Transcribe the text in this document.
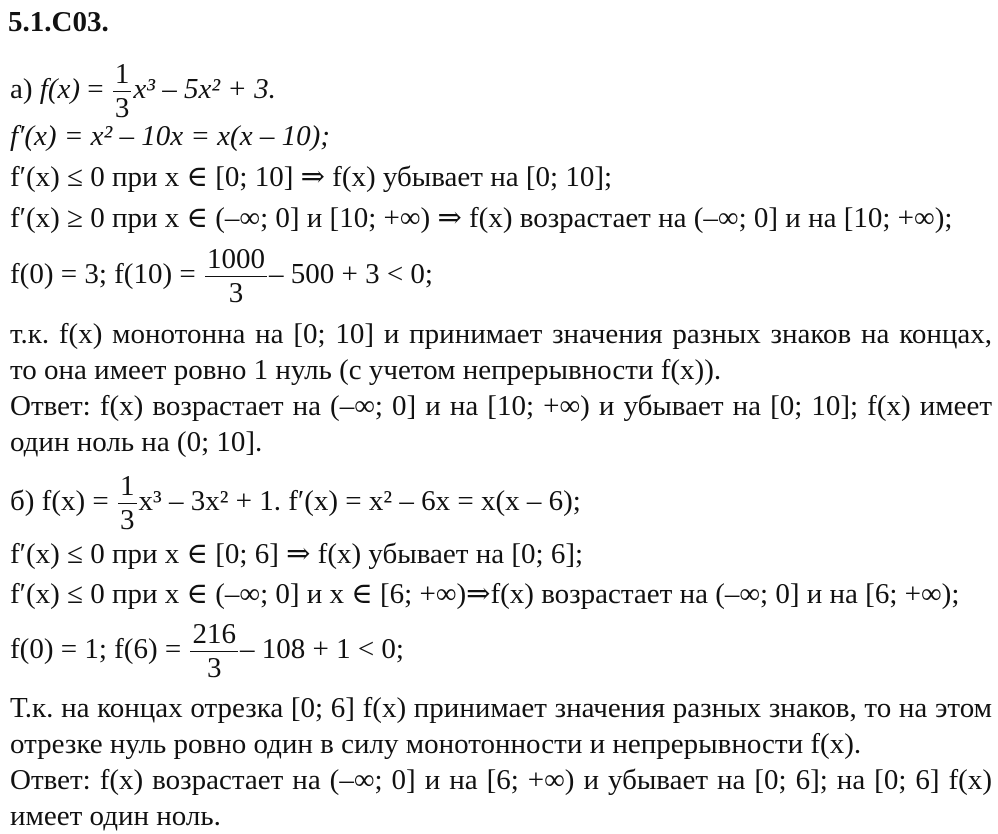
5.1.C03.
а) $f(x) = \frac{1}{3} x^3 - 5x^2 + 3$.
f′(x) = x² – 10x = x(x – 10);
f′(x) ≤ 0 при x ∈ [0; 10] ⇒ f(x) убывает на [0; 10];
f′(x) ≥ 0 при x ∈ (–∞; 0] и [10; +∞) ⇒ f(x) возрастает на (–∞; 0] и на [10; +∞);
f(0) = 3; $f(10) = \frac{1000}{3} - 500 + 3 < 0$;
т.к. f(x) монотонна на [0; 10] и принимает значения разных знаков на концах, то она имеет ровно 1 нуль (с учетом непрерывности f(x)).
Ответ: f(x) возрастает на (–∞; 0] и на [10; +∞) и убывает на [0; 10]; f(x) имеет один ноль на (0; 10].
б) $f(x) = \frac{1}{3} x^3 - 3x^2 + 1$. f′(x) = x² – 6x = x(x – 6);
f′(x) ≤ 0 при x ∈ [0; 6] ⇒ f(x) убывает на [0; 6];
f′(x) ≤ 0 при x ∈ (–∞; 0] и x ∈ [6; +∞)⇒f(x) возрастает на (–∞; 0] и на [6; +∞);
f(0) = 1; $f(6) = \frac{216}{3} - 108 + 1 < 0$;
Т.к. на концах отрезка [0; 6] f(x) принимает значения разных знаков, то на этом отрезке нуль ровно один в силу монотонности и непрерывности f(x).
Ответ: f(x) возрастает на (–∞; 0] и на [6; +∞) и убывает на [0; 6]; на [0; 6] f(x) имеет один ноль.
